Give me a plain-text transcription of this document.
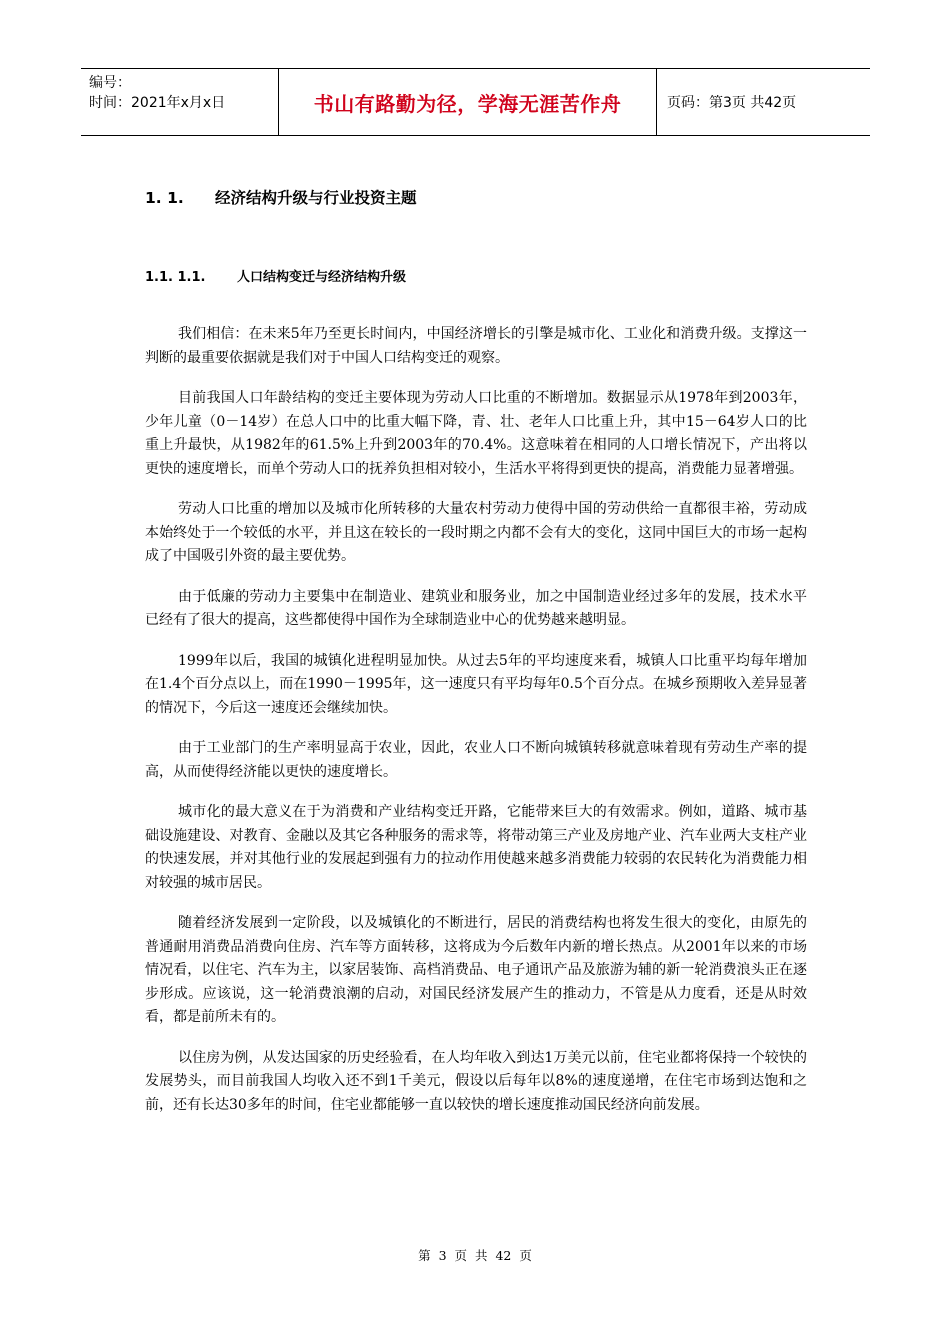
编号：
时间：2021年x月x日	书山有路勤为径，学海无涯苦作舟	页码：第3页 共42页
1. 1. 经济结构升级与行业投资主题
1.1. 1.1. 人口结构变迁与经济结构升级

我们相信：在未来5年乃至更长时间内，中国经济增长的引擎是城市化、工业化和消费升级。支撑这一判断的最重要依据就是我们对于中国人口结构变迁的观察。

目前我国人口年龄结构的变迁主要体现为劳动人口比重的不断增加。数据显示从1978年到2003年，少年儿童（0－14岁）在总人口中的比重大幅下降，青、壮、老年人口比重上升，其中15－64岁人口的比重上升最快，从1982年的61.5%上升到2003年的70.4%。这意味着在相同的人口增长情况下，产出将以更快的速度增长，而单个劳动人口的抚养负担相对较小，生活水平将得到更快的提高，消费能力显著增强。

劳动人口比重的增加以及城市化所转移的大量农村劳动力使得中国的劳动供给一直都很丰裕，劳动成本始终处于一个较低的水平，并且这在较长的一段时期之内都不会有大的变化，这同中国巨大的市场一起构成了中国吸引外资的最主要优势。

由于低廉的劳动力主要集中在制造业、建筑业和服务业，加之中国制造业经过多年的发展，技术水平已经有了很大的提高，这些都使得中国作为全球制造业中心的优势越来越明显。

1999年以后，我国的城镇化进程明显加快。从过去5年的平均速度来看，城镇人口比重平均每年增加在1.4个百分点以上，而在1990－1995年，这一速度只有平均每年0.5个百分点。在城乡预期收入差异显著的情况下，今后这一速度还会继续加快。

由于工业部门的生产率明显高于农业，因此，农业人口不断向城镇转移就意味着现有劳动生产率的提高，从而使得经济能以更快的速度增长。

城市化的最大意义在于为消费和产业结构变迁开路，它能带来巨大的有效需求。例如，道路、城市基础设施建设、对教育、金融以及其它各种服务的需求等，将带动第三产业及房地产业、汽车业两大支柱产业的快速发展，并对其他行业的发展起到强有力的拉动作用使越来越多消费能力较弱的农民转化为消费能力相对较强的城市居民。

随着经济发展到一定阶段，以及城镇化的不断进行，居民的消费结构也将发生很大的变化，由原先的普通耐用消费品消费向住房、汽车等方面转移，这将成为今后数年内新的增长热点。从2001年以来的市场情况看，以住宅、汽车为主，以家居装饰、高档消费品、电子通讯产品及旅游为辅的新一轮消费浪头正在逐步形成。应该说，这一轮消费浪潮的启动，对国民经济发展产生的推动力，不管是从力度看，还是从时效看，都是前所未有的。

以住房为例，从发达国家的历史经验看，在人均年收入到达1万美元以前，住宅业都将保持一个较快的发展势头，而目前我国人均收入还不到1千美元，假设以后每年以8%的速度递增，在住宅市场到达饱和之前，还有长达30多年的时间，住宅业都能够一直以较快的增长速度推动国民经济向前发展。

第 3 页 共 42 页
